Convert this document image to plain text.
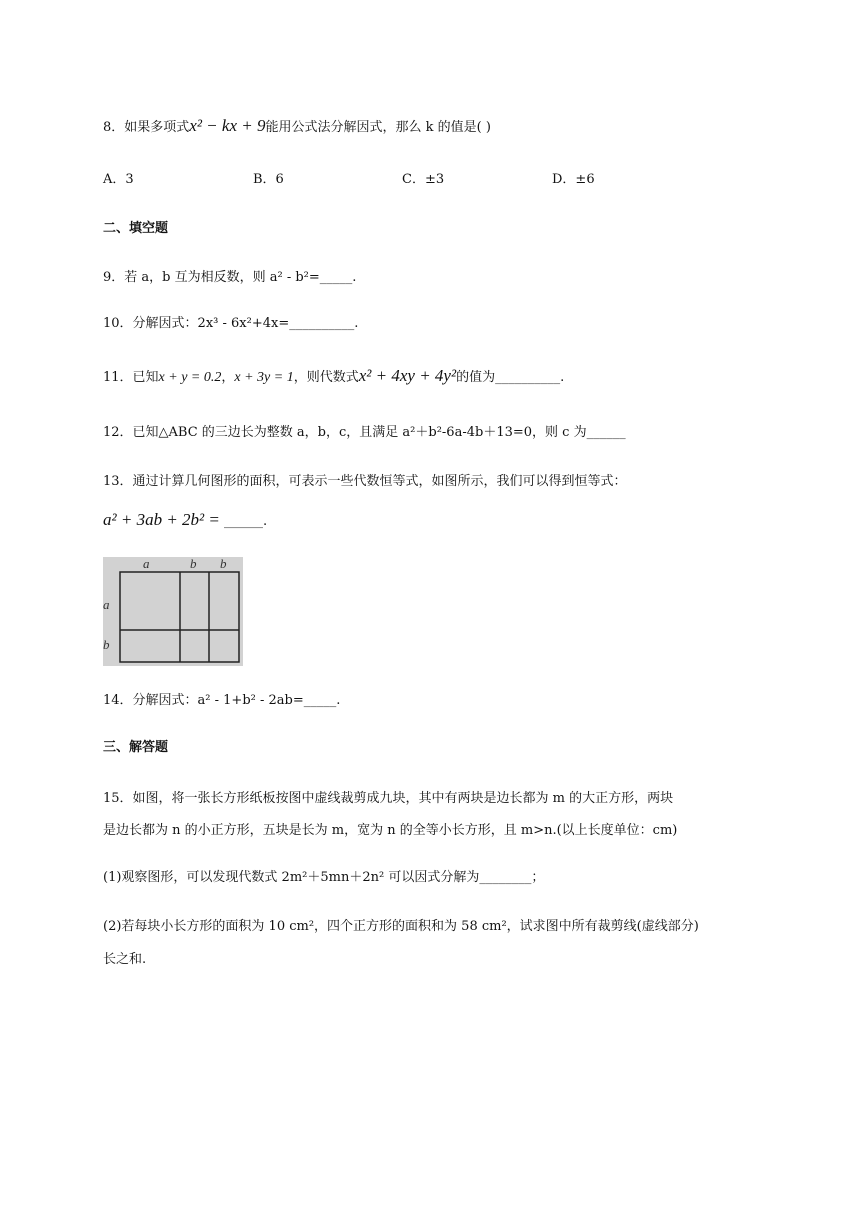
8．如果多项式x² − kx + 9能用公式法分解因式，那么 k 的值是( )
A．3	B．6	C．±3	D．±6
二、填空题
9．若 a，b 互为相反数，则 a² ‑ b²=_____.
10．分解因式：2x³ ‑ 6x²+4x=__________.
11．已知x + y = 0.2，x + 3y = 1，则代数式x² + 4xy + 4y²的值为__________.
12．已知△ABC 的三边长为整数 a，b，c，且满足 a²＋b²‑6a‑4b＋13=0，则 c 为______
13．通过计算几何图形的面积，可表示一些代数恒等式，如图所示，我们可以得到恒等式：
a² + 3ab + 2b² = ______.
a	b b
a
b
14．分解因式：a² ‑ 1+b² ‑ 2ab=_____.
三、解答题
15．如图，将一张长方形纸板按图中虚线裁剪成九块，其中有两块是边长都为 m 的大正方形，两块
是边长都为 n 的小正方形，五块是长为 m，宽为 n 的全等小长方形，且 m>n.(以上长度单位：cm)
(1)观察图形，可以发现代数式 2m²＋5mn＋2n² 可以因式分解为________；
(2)若每块小长方形的面积为 10 cm²，四个正方形的面积和为 58 cm²，试求图中所有裁剪线(虚线部分)
长之和.
